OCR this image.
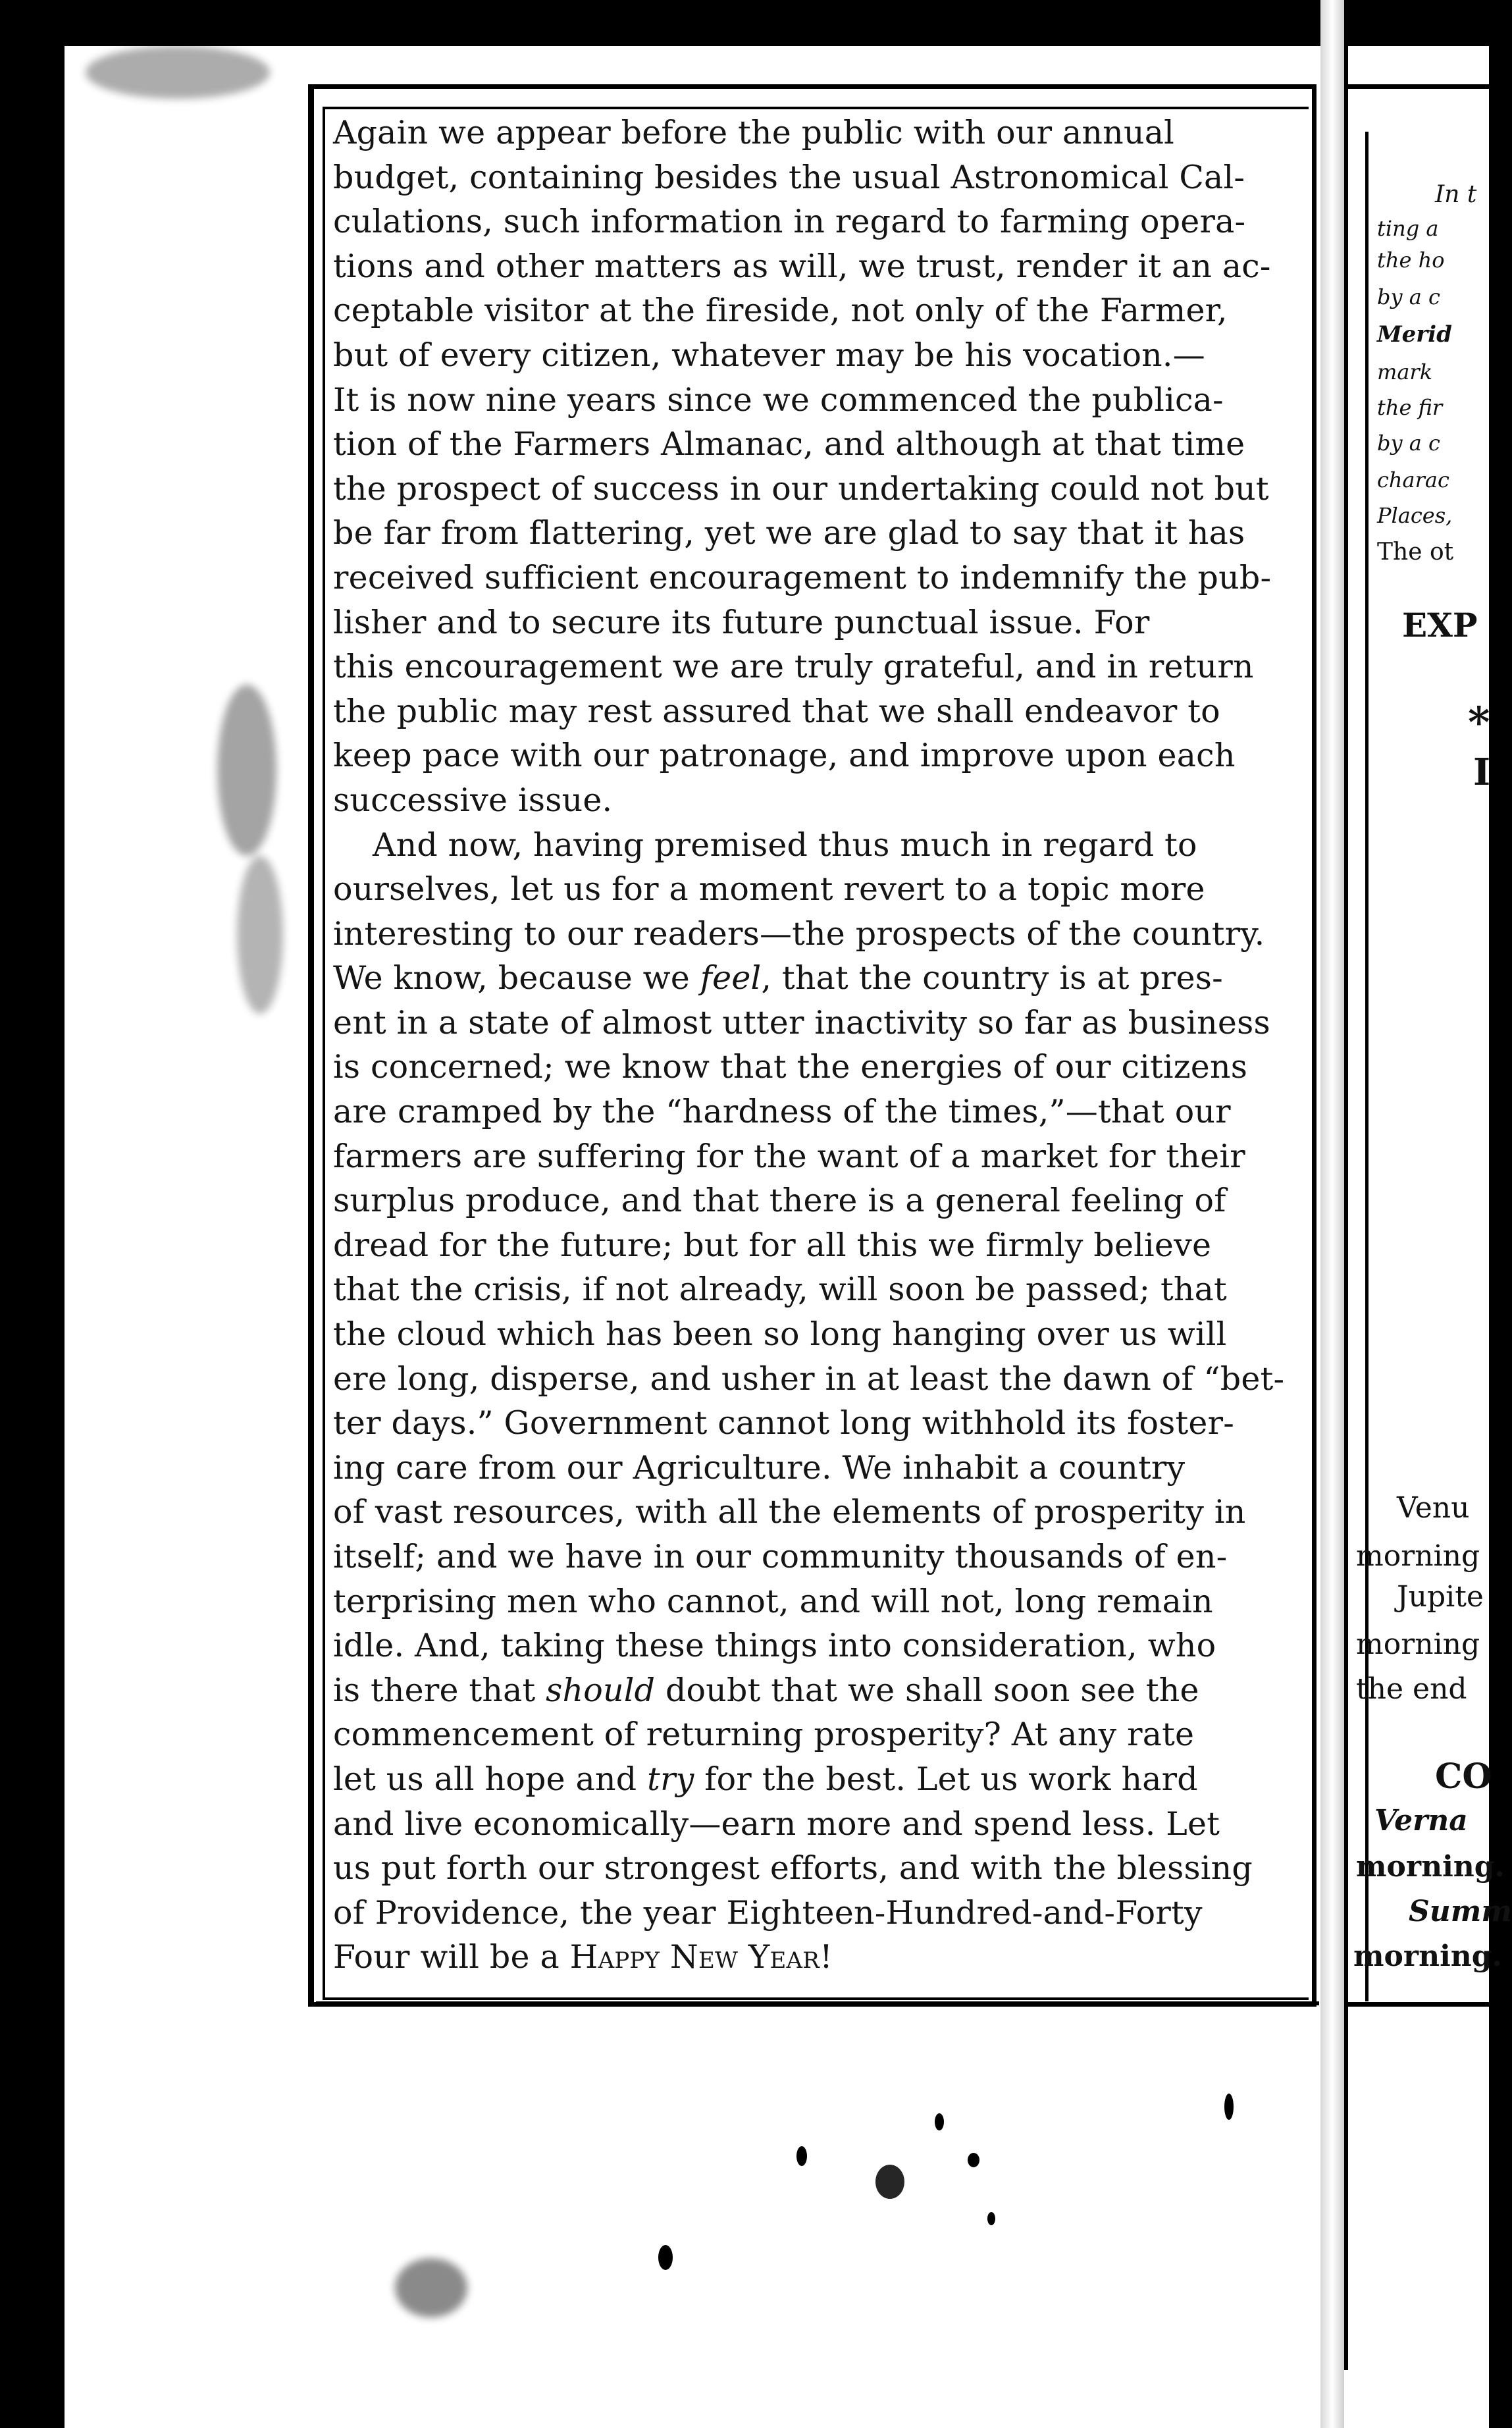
In t
ting a
the ho
by a c
Merid
mark
the fir
by a c
charac
Places,
The ot
EXP
*
I
Venu
morning
Jupite
morning
the end
CO
Verna
morning.
Summ
morning.
Again we appear before the public with our annual
budget, containing besides the usual Astronomical Cal-
culations, such information in regard to farming opera-
tions and other matters as will, we trust, render it an ac-
ceptable visitor at the fireside, not only of the Farmer,
but of every citizen, whatever may be his vocation.—
It is now nine years since we commenced the publica-
tion of the Farmers Almanac, and although at that time
the prospect of success in our undertaking could not but
be far from flattering, yet we are glad to say that it has
received sufficient encouragement to indemnify the pub-
lisher and to secure its future punctual issue. For
this encouragement we are truly grateful, and in return
the public may rest assured that we shall endeavor to
keep pace with our patronage, and improve upon each
successive issue.
And now, having premised thus much in regard to
ourselves, let us for a moment revert to a topic more
interesting to our readers—the prospects of the country.
We know, because we feel, that the country is at pres-
ent in a state of almost utter inactivity so far as business
is concerned; we know that the energies of our citizens
are cramped by the “hardness of the times,”—that our
farmers are suffering for the want of a market for their
surplus produce, and that there is a general feeling of
dread for the future; but for all this we firmly believe
that the crisis, if not already, will soon be passed; that
the cloud which has been so long hanging over us will
ere long, disperse, and usher in at least the dawn of “bet-
ter days.” Government cannot long withhold its foster-
ing care from our Agriculture. We inhabit a country
of vast resources, with all the elements of prosperity in
itself; and we have in our community thousands of en-
terprising men who cannot, and will not, long remain
idle. And, taking these things into consideration, who
is there that should doubt that we shall soon see the
commencement of returning prosperity? At any rate
let us all hope and try for the best. Let us work hard
and live economically—earn more and spend less. Let
us put forth our strongest efforts, and with the blessing
of Providence, the year Eighteen-Hundred-and-Forty
Four will be a Happy New Year!
